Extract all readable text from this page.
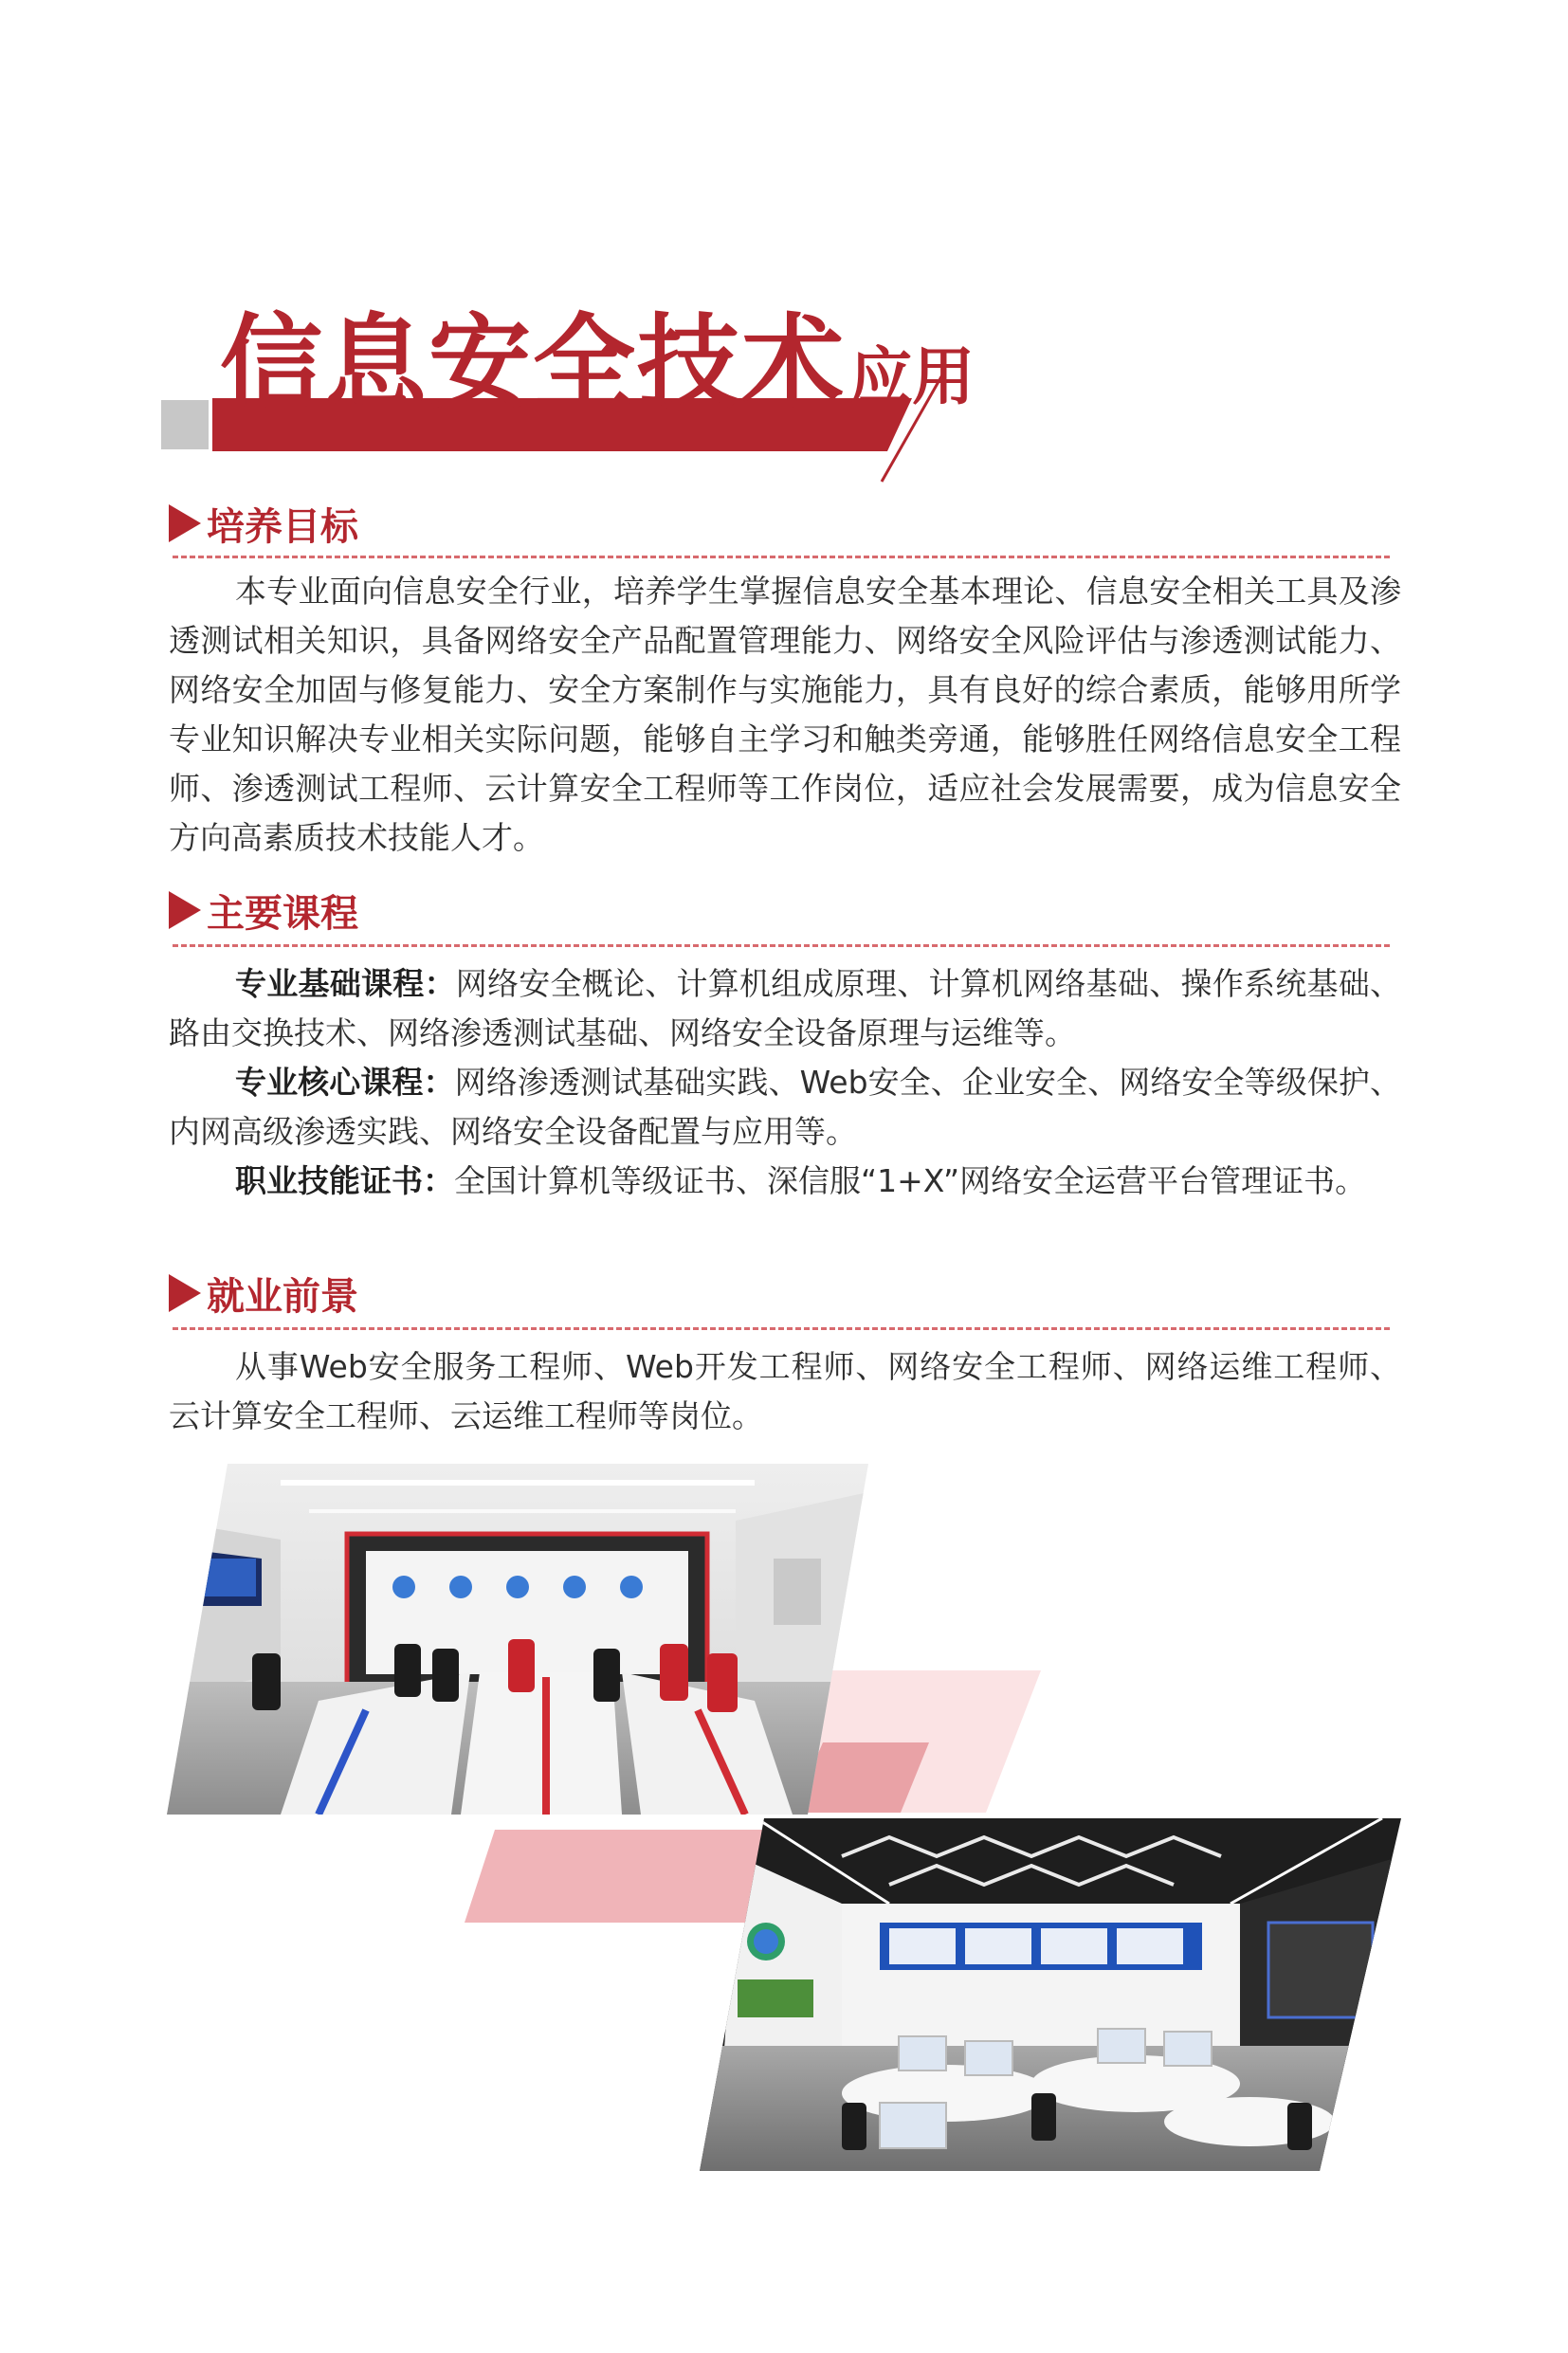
信息安全技术应用
培养目标
本专业面向信息安全行业，培养学生掌握信息安全基本理论、信息安全相关工具及渗透测试相关知识，具备网络安全产品配置管理能力、网络安全风险评估与渗透测试能力、网络安全加固与修复能力、安全方案制作与实施能力，具有良好的综合素质，能够用所学专业知识解决专业相关实际问题，能够自主学习和触类旁通，能够胜任网络信息安全工程师、渗透测试工程师、云计算安全工程师等工作岗位，适应社会发展需要，成为信息安全方向高素质技术技能人才。
主要课程
专业基础课程：网络安全概论、计算机组成原理、计算机网络基础、操作系统基础、路由交换技术、网络渗透测试基础、网络安全设备原理与运维等。
专业核心课程：网络渗透测试基础实践、Web安全、企业安全、网络安全等级保护、内网高级渗透实践、网络安全设备配置与应用等。
职业技能证书：全国计算机等级证书、深信服“1+X”网络安全运营平台管理证书。
就业前景
从事Web安全服务工程师、Web开发工程师、网络安全工程师、网络运维工程师、云计算安全工程师、云运维工程师等岗位。
